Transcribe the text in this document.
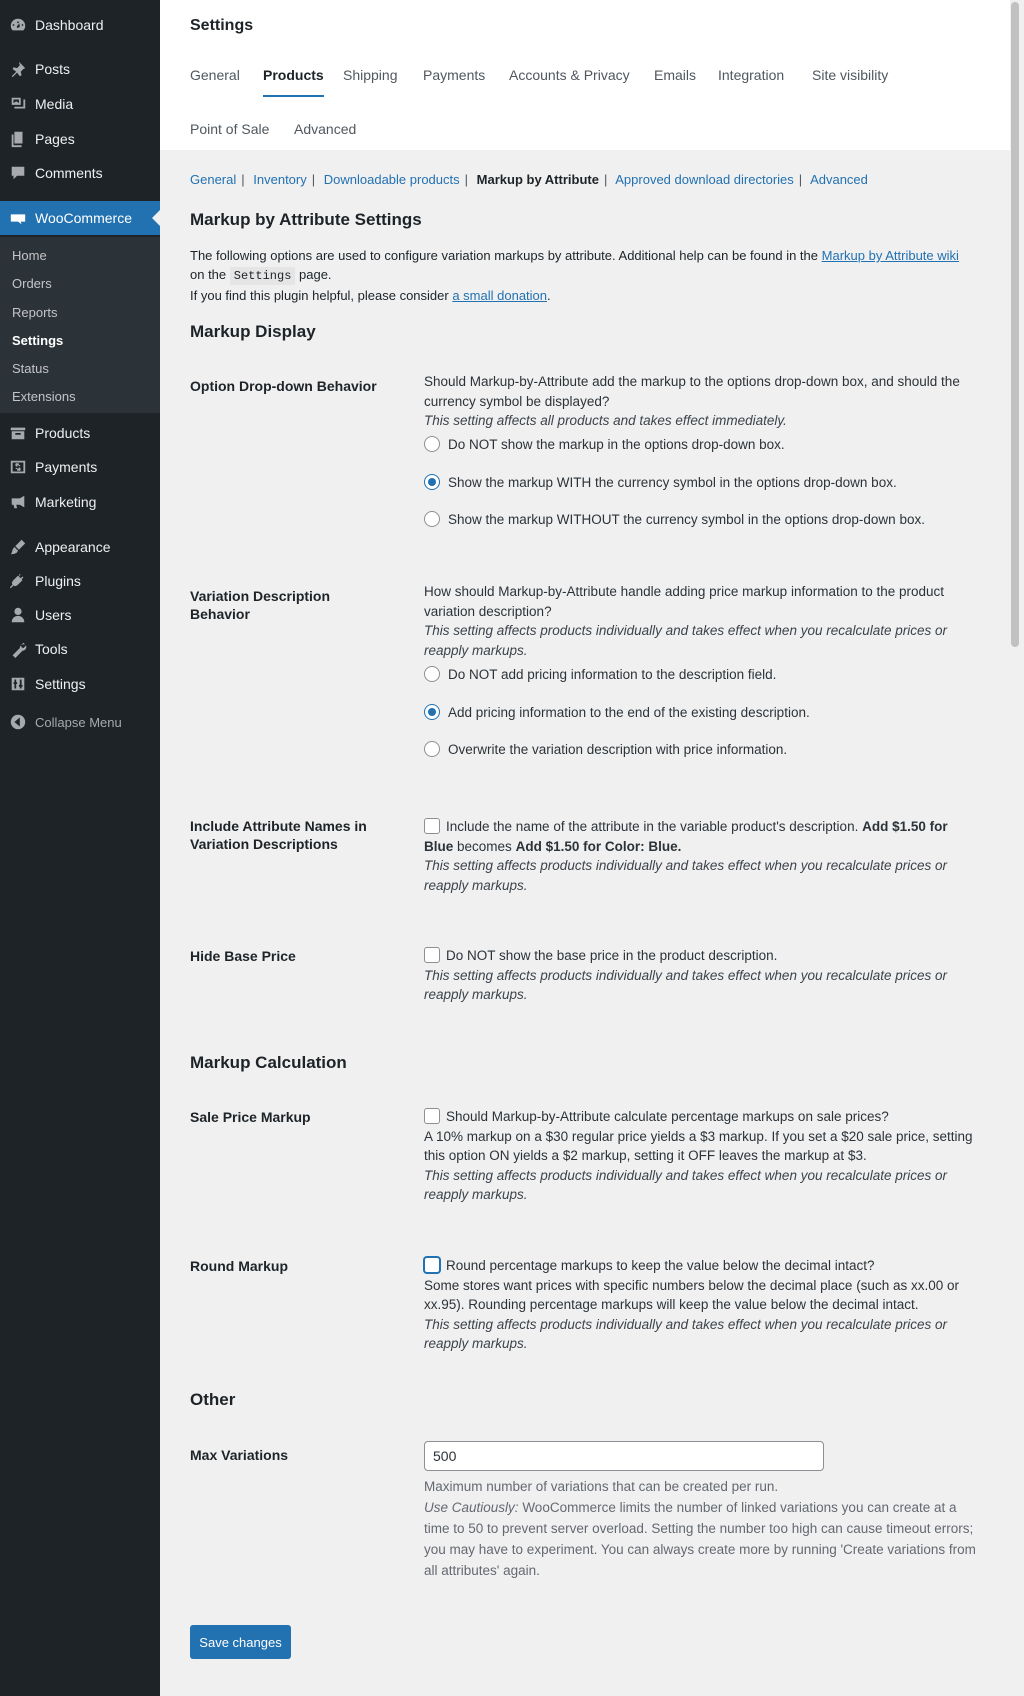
Dashboard
Posts
Media
Pages
Comments
WooCommerce
Home
Orders
Reports
Settings
Status
Extensions
Products
Payments
Marketing
Appearance
Plugins
Users
Tools
Settings
Collapse Menu
Settings
General Products Shipping Payments Accounts & Privacy Emails Integration Site visibility
Point of Sale Advanced
General | Inventory | Downloadable products | Markup by Attribute | Approved download directories | Advanced
Markup by Attribute Settings
The following options are used to configure variation markups by attribute. Additional help can be found in the Markup by Attribute wiki
on the Settings page.
If you find this plugin helpful, please consider a small donation.
Markup Display
Option Drop-down Behavior	Should Markup-by-Attribute add the markup to the options drop-down box, and should the currency symbol be displayed?
This setting affects all products and takes effect immediately.
Do NOT show the markup in the options drop-down box.
Show the markup WITH the currency symbol in the options drop-down box.
Show the markup WITHOUT the currency symbol in the options drop-down box.
Variation Description Behavior
How should Markup-by-Attribute handle adding price markup information to the product variation description?
This setting affects products individually and takes effect when you recalculate prices or reapply markups.
Do NOT add pricing information to the description field.
Add pricing information to the end of the existing description.
Overwrite the variation description with price information.
Include Attribute Names in Variation Descriptions
Include the name of the attribute in the variable product's description. Add $1.50 for Blue becomes Add $1.50 for Color: Blue.
This setting affects products individually and takes effect when you recalculate prices or reapply markups.
Hide Base Price	Do NOT show the base price in the product description.
This setting affects products individually and takes effect when you recalculate prices or reapply markups.
Markup Calculation
Sale Price Markup	Should Markup-by-Attribute calculate percentage markups on sale prices?
A 10% markup on a $30 regular price yields a $3 markup. If you set a $20 sale price, setting this option ON yields a $2 markup, setting it OFF leaves the markup at $3.
This setting affects products individually and takes effect when you recalculate prices or reapply markups.
Round Markup	Round percentage markups to keep the value below the decimal intact?
Some stores want prices with specific numbers below the decimal place (such as xx.00 or xx.95). Rounding percentage markups will keep the value below the decimal intact.
This setting affects products individually and takes effect when you recalculate prices or reapply markups.
Other
Max Variations
500
Maximum number of variations that can be created per run.
Use Cautiously: WooCommerce limits the number of linked variations you can create at a time to 50 to prevent server overload. Setting the number too high can cause timeout errors; you may have to experiment. You can always create more by running 'Create variations from all attributes' again.
Save changes
